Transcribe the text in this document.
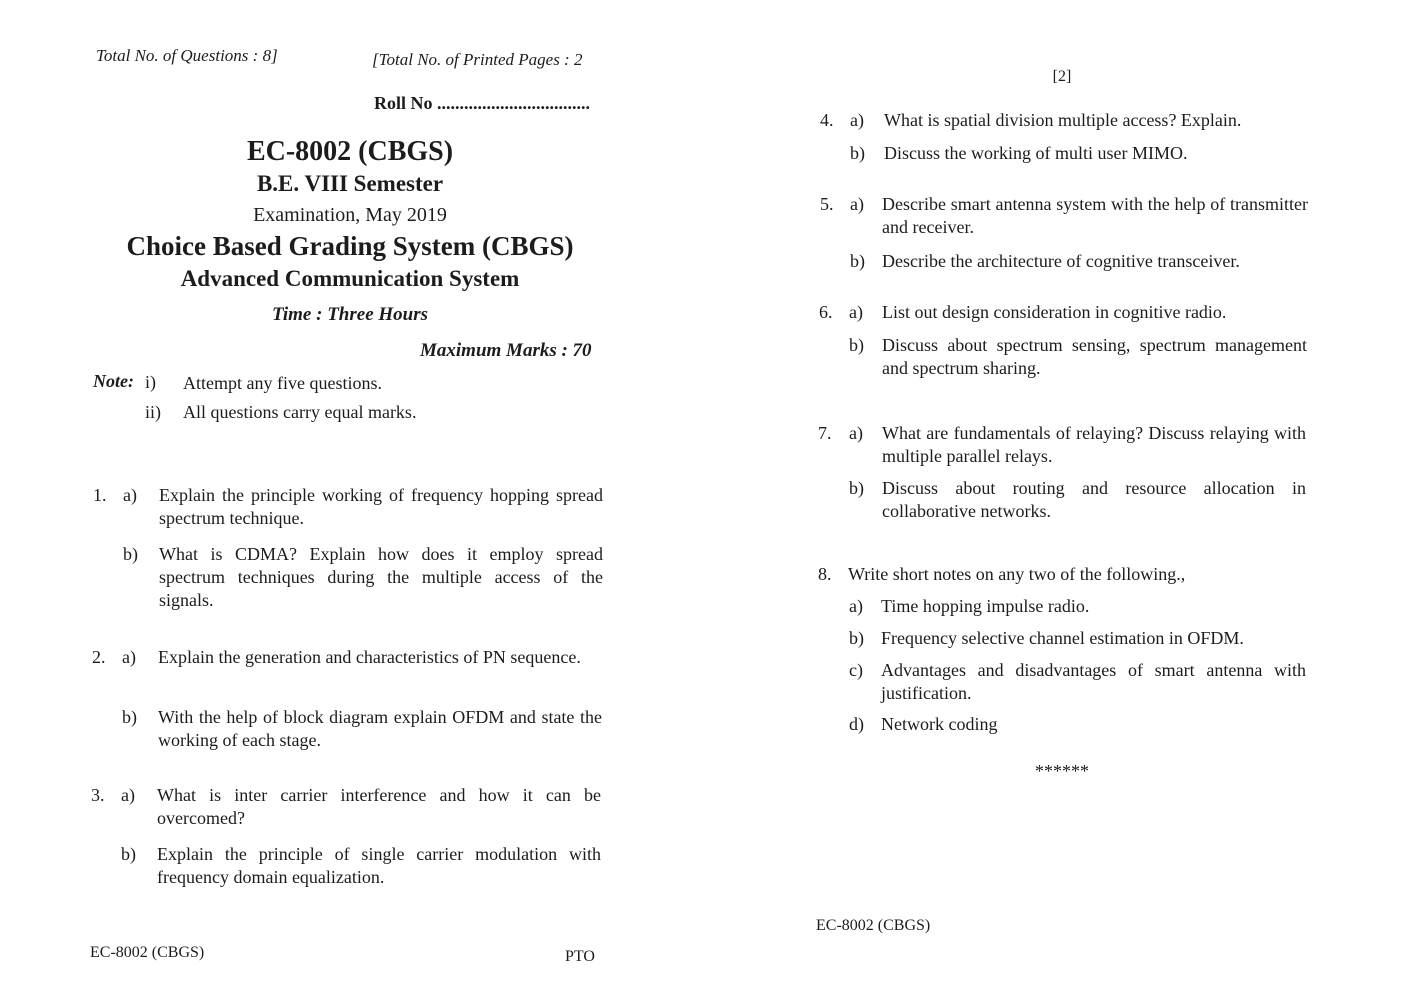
Total No. of Questions : 8]	[Total No. of Printed Pages : 2
Roll No ..................................
EC-8002 (CBGS)
B.E. VIII Semester
Examination, May 2019
Choice Based Grading System (CBGS)
Advanced Communication System
Time : Three Hours
Maximum Marks : 70
Note: i) Attempt any five questions.
ii) All questions carry equal marks.
1. a) Explain the principle working of frequency hopping spread spectrum technique.
b) What is CDMA? Explain how does it employ spread spectrum techniques during the multiple access of the signals.
2. a) Explain the generation and characteristics of PN sequence.
b) With the help of block diagram explain OFDM and state the working of each stage.
3. a) What is inter carrier interference and how it can be overcomed?
b) Explain the principle of single carrier modulation with frequency domain equalization.
EC-8002 (CBGS)	PTO
[2]
4. a) What is spatial division multiple access? Explain.
b) Discuss the working of multi user MIMO.
5. a) Describe smart antenna system with the help of transmitter and receiver.
b) Describe the architecture of cognitive transceiver.
6. a) List out design consideration in cognitive radio.
b) Discuss about spectrum sensing, spectrum management and spectrum sharing.
7. a) What are fundamentals of relaying? Discuss relaying with multiple parallel relays.
b) Discuss about routing and resource allocation in collaborative networks.
8. Write short notes on any two of the following.,
a) Time hopping impulse radio.
b) Frequency selective channel estimation in OFDM.
c) Advantages and disadvantages of smart antenna with justification.
d) Network coding
******
EC-8002 (CBGS)
